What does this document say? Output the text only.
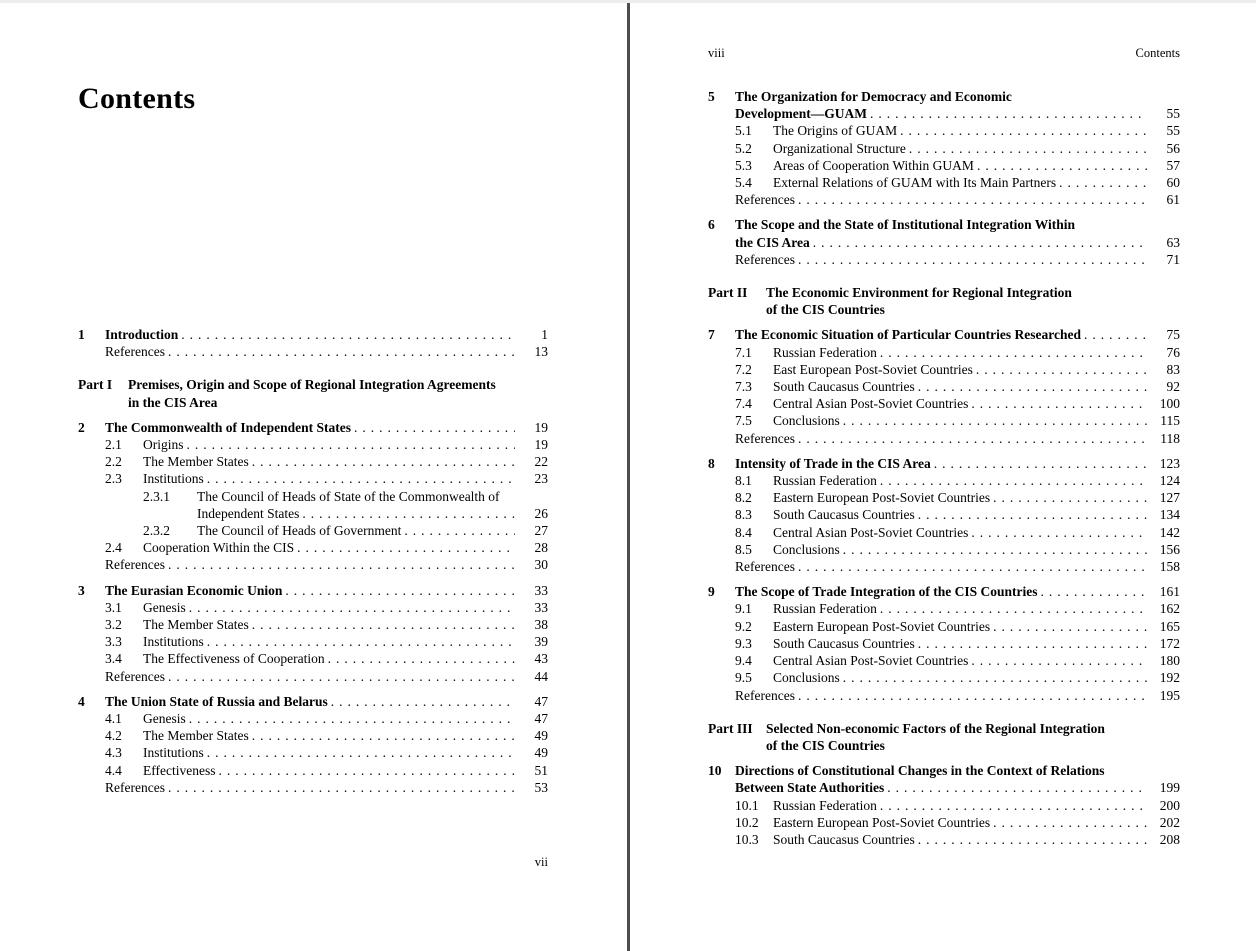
Contents
1	Introduction .....	1
References .....	13
Part I	Premises, Origin and Scope of Regional Integration Agreements
in the CIS Area
2	The Commonwealth of Independent States .....	19
2.1	Origins .....	19
2.2	The Member States .....	22
2.3	Institutions .....	23
2.3.1	The Council of Heads of State of the Commonwealth of
Independent States .....	26
2.3.2	The Council of Heads of Government .....	27
2.4	Cooperation Within the CIS .....	28
References .....	30
3	The Eurasian Economic Union .....	33
3.1	Genesis .....	33
3.2	The Member States .....	38
3.3	Institutions .....	39
3.4	The Effectiveness of Cooperation .....	43
References .....	44
4	The Union State of Russia and Belarus .....	47
4.1	Genesis .....	47
4.2	The Member States .....	49
4.3	Institutions .....	49
4.4	Effectiveness .....	51
References .....	53
vii
viii	Contents
5	The Organization for Democracy and Economic
Development—GUAM .....	55
5.1	The Origins of GUAM .....	55
5.2	Organizational Structure .....	56
5.3	Areas of Cooperation Within GUAM .....	57
5.4	External Relations of GUAM with Its Main Partners .....	60
References .....	61
6	The Scope and the State of Institutional Integration Within
the CIS Area .....	63
References .....	71
Part II	The Economic Environment for Regional Integration
of the CIS Countries
7	The Economic Situation of Particular Countries Researched .....	75
7.1	Russian Federation .....	76
7.2	East European Post-Soviet Countries .....	83
7.3	South Caucasus Countries .....	92
7.4	Central Asian Post-Soviet Countries .....	100
7.5	Conclusions .....	115
References .....	118
8	Intensity of Trade in the CIS Area .....	123
8.1	Russian Federation .....	124
8.2	Eastern European Post-Soviet Countries .....	127
8.3	South Caucasus Countries .....	134
8.4	Central Asian Post-Soviet Countries .....	142
8.5	Conclusions .....	156
References .....	158
9	The Scope of Trade Integration of the CIS Countries .....	161
9.1	Russian Federation .....	162
9.2	Eastern European Post-Soviet Countries .....	165
9.3	South Caucasus Countries .....	172
9.4	Central Asian Post-Soviet Countries .....	180
9.5	Conclusions .....	192
References .....	195
Part III Selected Non-economic Factors of the Regional Integration
of the CIS Countries
10	Directions of Constitutional Changes in the Context of Relations
Between State Authorities .....	199
10.1	Russian Federation .....	200
10.2	Eastern European Post-Soviet Countries .....	202
10.3	South Caucasus Countries .....	208
